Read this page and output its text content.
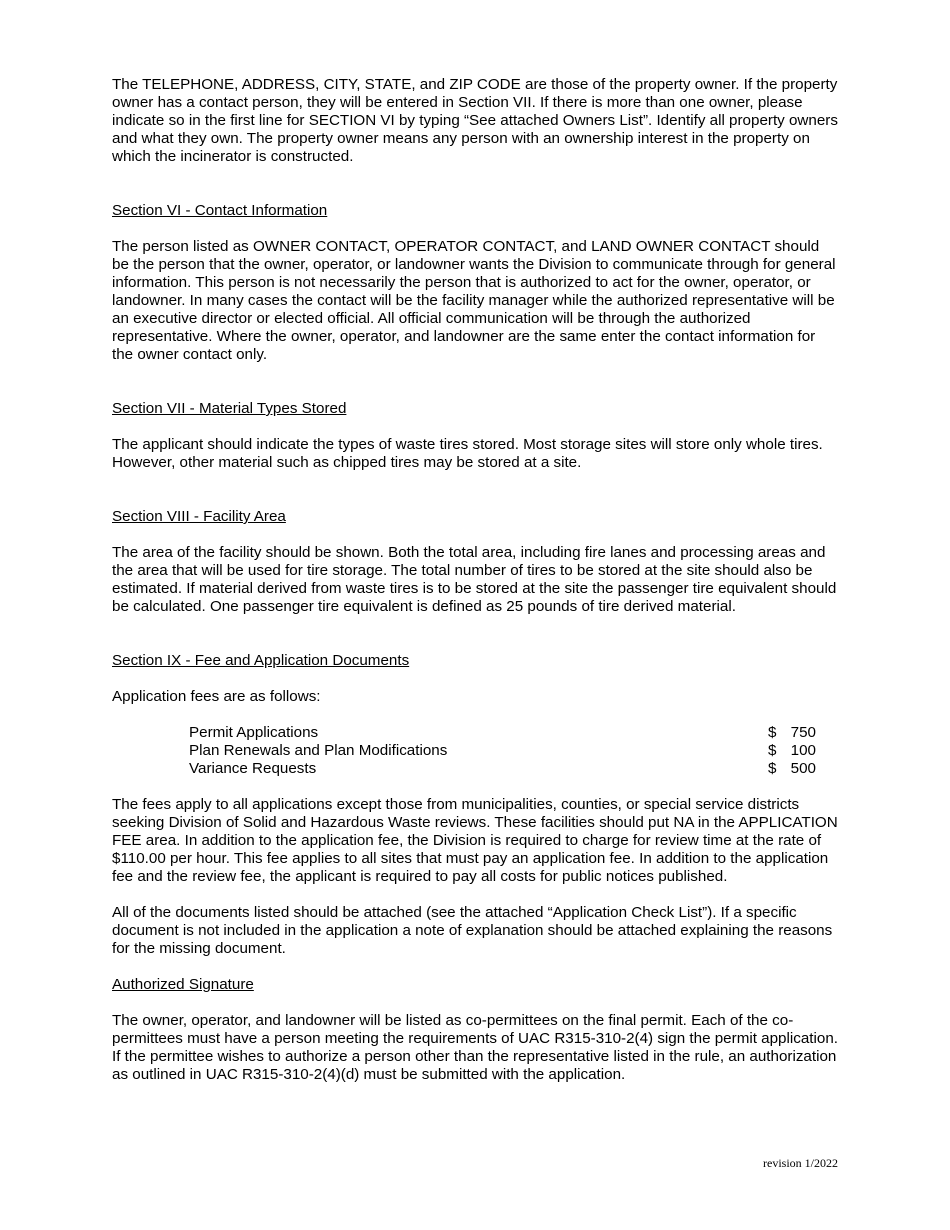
The TELEPHONE, ADDRESS, CITY, STATE, and ZIP CODE are those of the property owner. If the property owner has a contact person, they will be entered in Section VII. If there is more than one owner, please indicate so in the first line for SECTION VI by typing “See attached Owners List”. Identify all property owners and what they own. The property owner means any person with an ownership interest in the property on which the incinerator is constructed.

Section VI - Contact Information

The person listed as OWNER CONTACT, OPERATOR CONTACT, and LAND OWNER CONTACT should be the person that the owner, operator, or landowner wants the Division to communicate through for general information. This person is not necessarily the person that is authorized to act for the owner, operator, or landowner. In many cases the contact will be the facility manager while the authorized representative will be an executive director or elected official. All official communication will be through the authorized representative. Where the owner, operator, and landowner are the same enter the contact information for the owner contact only.

Section VII - Material Types Stored

The applicant should indicate the types of waste tires stored. Most storage sites will store only whole tires. However, other material such as chipped tires may be stored at a site.

Section VIII - Facility Area

The area of the facility should be shown. Both the total area, including fire lanes and processing areas and the area that will be used for tire storage. The total number of tires to be stored at the site should also be estimated. If material derived from waste tires is to be stored at the site the passenger tire equivalent should be calculated. One passenger tire equivalent is defined as 25 pounds of tire derived material.

Section IX - Fee and Application Documents

Application fees are as follows:

Permit Applications	$ 750
Plan Renewals and Plan Modifications	$ 100
Variance Requests	$ 500

The fees apply to all applications except those from municipalities, counties, or special service districts seeking Division of Solid and Hazardous Waste reviews. These facilities should put NA in the APPLICATION FEE area. In addition to the application fee, the Division is required to charge for review time at the rate of $110.00 per hour. This fee applies to all sites that must pay an application fee. In addition to the application fee and the review fee, the applicant is required to pay all costs for public notices published.

All of the documents listed should be attached (see the attached “Application Check List”). If a specific document is not included in the application a note of explanation should be attached explaining the reasons for the missing document.

Authorized Signature

The owner, operator, and landowner will be listed as co-permittees on the final permit. Each of the co-permittees must have a person meeting the requirements of UAC R315-310-2(4) sign the permit application. If the permittee wishes to authorize a person other than the representative listed in the rule, an authorization as outlined in UAC R315-310-2(4)(d) must be submitted with the application.

revision 1/2022
